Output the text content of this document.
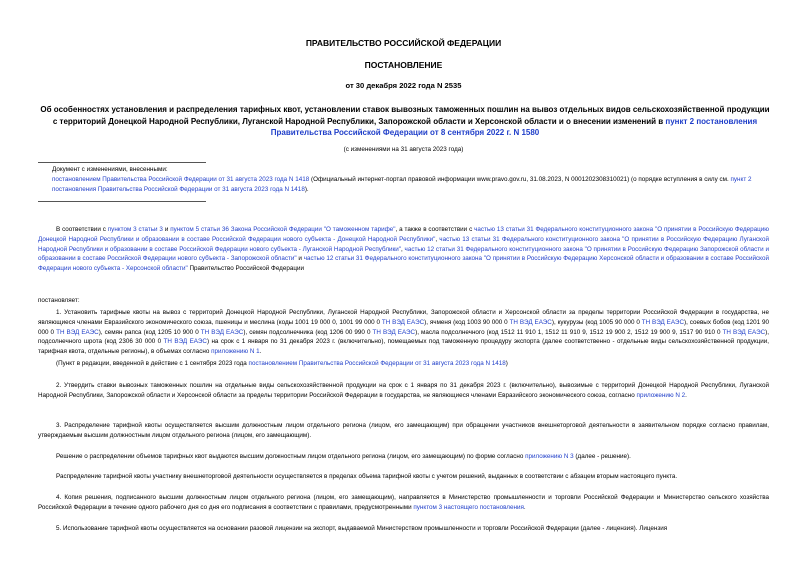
ПРАВИТЕЛЬСТВО РОССИЙСКОЙ ФЕДЕРАЦИИ
ПОСТАНОВЛЕНИЕ
от 30 декабря 2022 года N 2535
Об особенностях установления и распределения тарифных квот, установлении ставок вывозных таможенных пошлин на вывоз отдельных видов сельскохозяйственной продукции с территорий Донецкой Народной Республики, Луганской Народной Республики, Запорожской области и Херсонской области и о внесении изменений в пункт 2 постановления Правительства Российской Федерации от 8 сентября 2022 г. N 1580
(с изменениями на 31 августа 2023 года)
Документ с изменениями, внесенными:
постановлением Правительства Российской Федерации от 31 августа 2023 года N 1418 (Официальный интернет-портал правовой информации www.pravo.gov.ru, 31.08.2023, N 0001202308310021) (о порядке вступления в силу см. пункт 2 постановления Правительства Российской Федерации от 31 августа 2023 года N 1418).
В соответствии с пунктом 3 статьи 3 и пунктом 5 статьи 36 Закона Российской Федерации "О таможенном тарифе", а также в соответствии с частью 13 статьи 31 Федерального конституционного закона "О принятии в Российскую Федерацию Донецкой Народной Республики и образовании в составе Российской Федерации нового субъекта - Донецкой Народной Республики", частью 13 статьи 31 Федерального конституционного закона "О принятии в Российскую Федерацию Луганской Народной Республики и образовании в составе Российской Федерации нового субъекта - Луганской Народной Республики", частью 12 статьи 31 Федерального конституционного закона "О принятии в Российскую Федерацию Запорожской области и образовании в составе Российской Федерации нового субъекта - Запорожской области" и частью 12 статьи 31 Федерального конституционного закона "О принятии в Российскую Федерацию Херсонской области и образовании в составе Российской Федерации нового субъекта - Херсонской области" Правительство Российской Федерации
постановляет:
1. Установить тарифные квоты на вывоз с территорий Донецкой Народной Республики, Луганской Народной Республики, Запорожской области и Херсонской области за пределы территории Российской Федерации в государства, не являющиеся членами Евразийского экономического союза, пшеницы и меслина (коды 1001 19 000 0, 1001 99 000 0 ТН ВЭД ЕАЭС), ячменя (код 1003 90 000 0 ТН ВЭД ЕАЭС), кукурузы (код 1005 90 000 0 ТН ВЭД ЕАЭС), соевых бобов (код 1201 90 000 0 ТН ВЭД ЕАЭС), семян рапса (код 1205 10 900 0 ТН ВЭД ЕАЭС), семян подсолнечника (код 1206 00 990 0 ТН ВЭД ЕАЭС), масла подсолнечного (код 1512 11 910 1, 1512 11 910 9, 1512 19 900 2, 1512 19 900 9, 1517 90 910 0 ТН ВЭД ЕАЭС), подсолнечного шрота (код 2306 30 000 0 ТН ВЭД ЕАЭС) на срок с 1 января по 31 декабря 2023 г. (включительно), помещаемых под таможенную процедуру экспорта (далее соответственно - отдельные виды сельскохозяйственной продукции, тарифная квота, отдельные регионы), в объемах согласно приложению N 1.
(Пункт в редакции, введенной в действие с 1 сентября 2023 года постановлением Правительства Российской Федерации от 31 августа 2023 года N 1418)
2. Утвердить ставки вывозных таможенных пошлин на отдельные виды сельскохозяйственной продукции на срок с 1 января по 31 декабря 2023 г. (включительно), вывозимые с территорий Донецкой Народной Республики, Луганской Народной Республики, Запорожской области и Херсонской области за пределы территории Российской Федерации в государства, не являющиеся членами Евразийского экономического союза, согласно приложению N 2.
3. Распределение тарифной квоты осуществляется высшим должностным лицом отдельного региона (лицом, его замещающим) при обращении участников внешнеторговой деятельности в заявительном порядке согласно правилам, утверждаемым высшим должностным лицом отдельного региона (лицом, его замещающим).
Решение о распределении объемов тарифных квот выдаются высшим должностным лицом отдельного региона (лицом, его замещающим) по форме согласно приложению N 3 (далее - решение).
Распределение тарифной квоты участнику внешнеторговой деятельности осуществляется в пределах объема тарифной квоты с учетом решений, выданных в соответствии с абзацем вторым настоящего пункта.
4. Копия решения, подписанного высшим должностным лицом отдельного региона (лицом, его замещающим), направляется в Министерство промышленности и торговли Российской Федерации и Министерство сельского хозяйства Российской Федерации в течение одного рабочего дня со дня его подписания в соответствии с правилами, предусмотренными пунктом 3 настоящего постановления.
5. Использование тарифной квоты осуществляется на основании разовой лицензии на экспорт, выдаваемой Министерством промышленности и торговли Российской Федерации (далее - лицензия). Лицензия
